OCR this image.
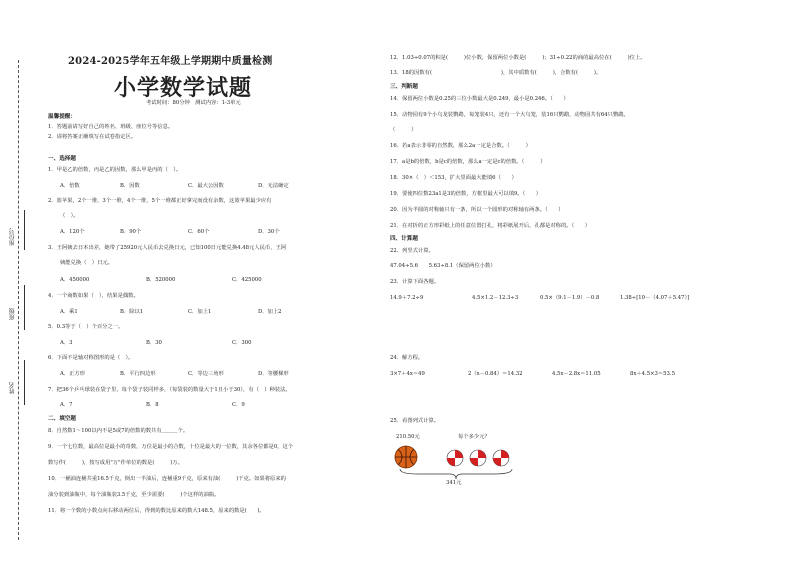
座位号
班级
姓名
2024-2025学年五年级上学期期中质量检测
小学数学试题
考试时间：80分钟　测试内容：1-3单元
温馨提醒：
1．答题前请写好自己的姓名、班级、座位号等信息。
2．请将答案正确填写在试卷指定区。
一、选择题
1．甲是乙的倍数，丙是乙的因数，那么甲是丙的（　）。
A．倍数	B．因数	C．最大公因数	D．无法确定
2．篮苹果，2个一堆，3个一堆，4个一堆，5个一堆都正好拿完而没有余数，这篮苹果最少应有
（　）。
A．120个	B．90个	C．60个	D．30个
3．王阿姨去日本出差，她带了25920元人民币去兑换日元，已知100日元能兑换4.48元人民币，王阿
姨能兑换（　）日元。
A．450000	B．520000	C．425000
4．一个商数如果（　），结果是偶数。
A．乘1	B．除以1	C．加上1	D．加上2
5．0.3等于（　）个百分之一。
A．3	B．30	C．300
6．下面不是轴对称图形的是（　）。
A．正方形	B．平行四边形	C．等边三角形	D．等腰梯形
7．把36个乒乓球装在袋子里，每个袋子装同样多，（每袋装的数量大于1且小于30），有（　）种装法。
A．7	B．8	C．9
二、填空题
8．自然数1～100以内不是5或7的倍数的数共有＿＿＿个。
9．一个七位数，最高位是最小的奇数，万位是最小的合数，十位是最大的一位数，其余各位都是0，这个
数写作(　　　)，按写成用"万"作单位的数是(　　　)万。
10．一桶油连桶共重16.5千克，倒出一半油后，连桶重9千克，原来有油(　　　)千克。如果将原来的
油分装到油瓶中，每个油瓶装3.5千克，至少需要(　　　)个这样的油瓶。
11．将一个数的小数点向右移动两位后，得到的数比原来的数大148.5，原来的数是(　　)。
12．1.03÷0.07的积是(　　　)位小数，保留两位小数是(　　　)；31÷0.22的商的最高位在(　　　)位上。
13．18的因数有(　　　　　　　　　　　　　)，其中质数有(　　　)，合数有(　　　)。
三、判断题
14．保留两位小数是0.25的三位小数最大是0.249，最小是0.246。（　　）
15．动物园有9个小乌龙装鹦鹉，每笼装4只，还有一个大乌笼，装16只鹦鹉，动物园共有64只鹦鹉。
（　　　）
16．若a表示非零的自然数，那么2a一定是合数。（　　　）
17．a是b的倍数，b是c的倍数，那么a一定是c的倍数。（　　　）
18．30×（　）＜153，扩大里面最大能填6（　　）
19．要使四位数23a1是3的倍数，方框里最大可以填9。（　　）
20．因为半圆的对称轴只有一条，所以一个圆形的对称轴有两条。（　　）
21．在对折的正方形彩纸上的任意位置打孔，将彩纸展开后，孔都是对称的。（　　）
四、计算题
22．列竖式计算。
47.04÷5.6　　5.63÷8.1（保留两位小数）
23．计算下面各题。
14.9＋7.2÷9	4.5×1.2－12.3÷3	0.5×（9.1－1.9）－0.8	1.38÷[10－（4.07＋5.47）]
24．解方程。
3×7＋4x＝49	2（x－0.84）＝14.32	4.5x－2.8x＝11.05	8x＋4.5×3＝53.5
25．看图列式计算。
210.50元	每个多少元？
341元
